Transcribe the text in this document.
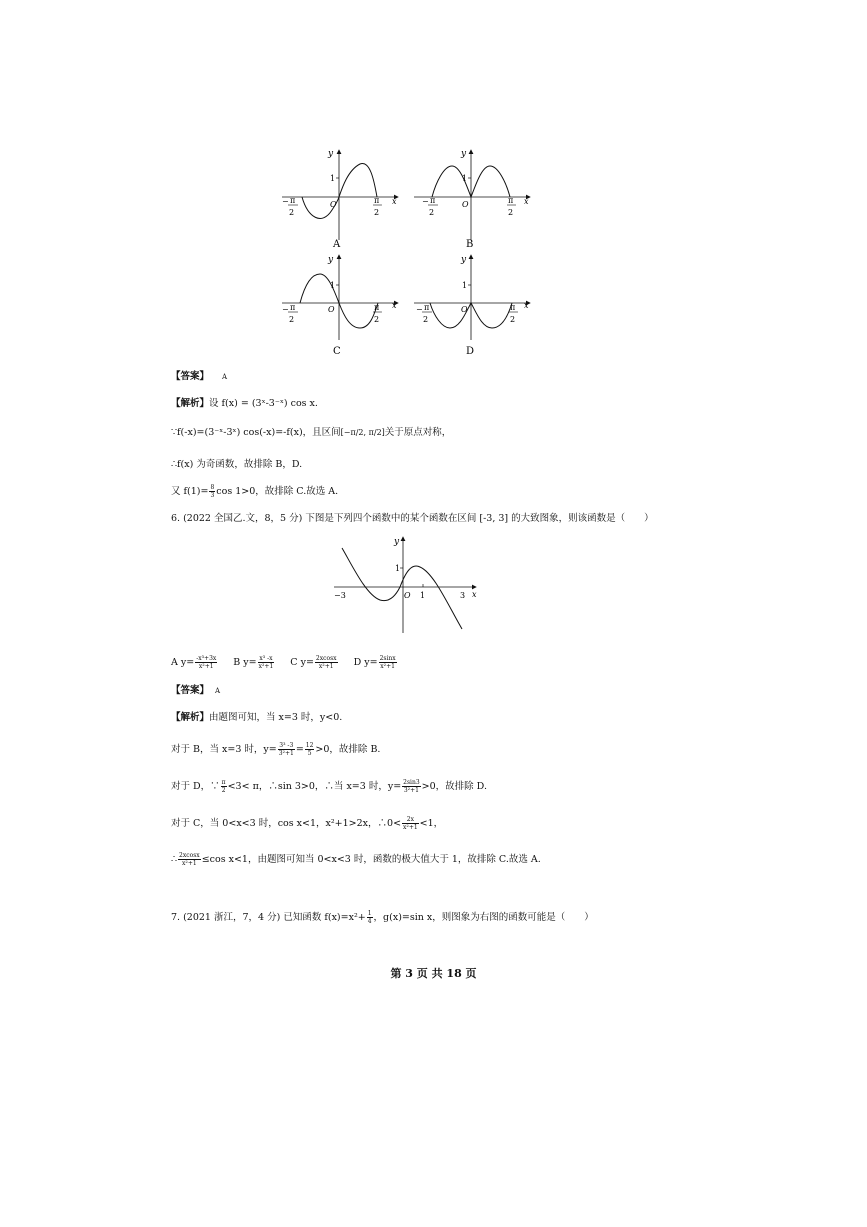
y
x
1
O
− π
2
π
2
A
y
x
1
O
− π
2
π
2
B
y
x
1
O
− π
2
π
2
C
y
x
1
O
− π
2
π
2
D
【答案】 A
【解析】设 f(x) = (3ˣ-3⁻ˣ) cos x.
∵f(-x)=(3⁻ˣ-3ˣ) cos(-x)=-f(x)，且区间[−π/2, π/2]关于原点对称，
∴f(x) 为奇函数，故排除 B，D.
又 $f(1)= \frac{8}{3}$ cos 1>0，故排除 C.故选 A.
6. (2022 全国乙.文，8，5 分) 下图是下列四个函数中的某个函数在区间 [-3, 3] 的大致图象，则该函数是（　　）
y
x
1
O 1
−3	3
A $y= \frac{\text{-x³+3x}}{\text{x²+1}}$ B $y= \frac{\text{x³ -x}}{\text{x²+1}}$ C $y= \frac{2xcosx}{\text{x²+1}}$ D $y= \frac{2\sin x}{\text{x²+1}}$
【答案】 A
【解析】由题图可知，当 x=3 时，y<0.
对于 B，当 x=3 时，$y= \frac{\text{3³ -3}}{\text{3²+1}} = \frac{12}{5} >0$，故排除 B.
对于 D，∵ $\frac{\pi}{2} <3< \pi$，∴sin 3>0，∴当 x=3 时，$y= \frac{2\sin 3}{\text{3²+1}} >0$，故排除 D.
对于 C，当 0<x<3 时，cos x<1，x²+1>2x，∴0< $\frac{2x}{\text{x²+1}} <1$，
∴ $\frac{2xcosx}{\text{x²+1}} \le\cos$ x<1，由题图可知当 0<x<3 时，函数的极大值大于 1，故排除 C.故选 A.
7. (2021 浙江，7，4 分) 已知函数 $f(x)=x^2+ \frac{1}{4}$ ，g(x)=sin x，则图象为右图的函数可能是（　　）
第 3 页 共 18 页
